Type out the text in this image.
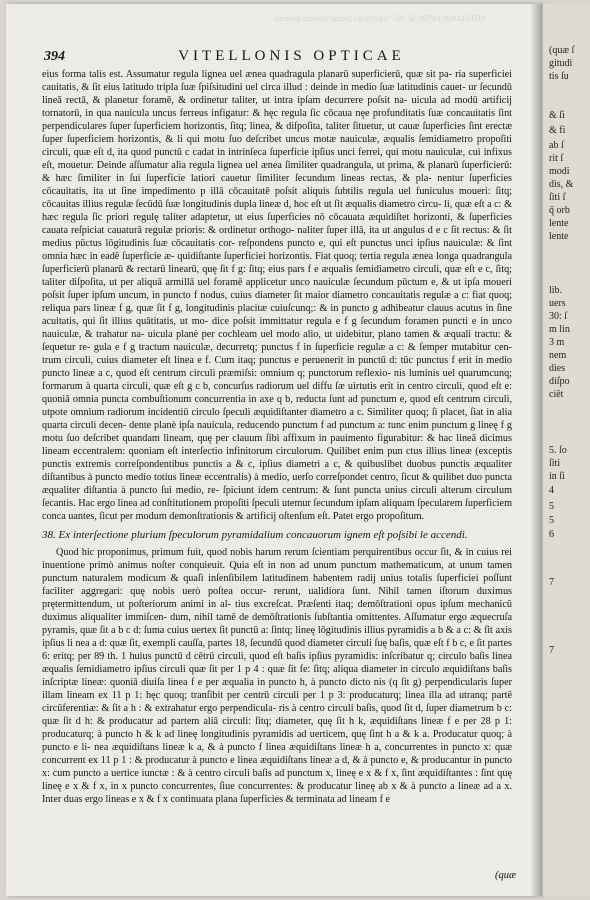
VITELLONIS OPTICAE 395 · ſuperficies ſpeculi concaui ſphærici ·
394	VITELLONIS OPTICAE

eius forma talis est. Assumatur regula lignea uel ænea quadragula planarū superficierū, quæ sit pa- ria superficiei cauitatis, & ſit eius latitudo tripla ſuæ ſpiſsitudini uel circa illud : deinde in medio ſuæ latitudinis cauet- ur ſecundū lineā rectā, & planetur foramē, & ordinetur taliter, ut intra ipſam decurrere poſsit na- uicula ad modū artificij tornatorū, in qua nauicula uncus ferreus infigatur: & hęc regula ſic cōcaua nęe profunditatis ſuæ concauitatis ſint perpendiculares ſuper ſuperficiem horizontis, ſitq; linea, & diſpoſita, taliter ſituetur, ut cauæ ſuperficies ſint erectæ ſuper ſuperficiem horizontis, & li qui motu ſuo deſcribet uncus motæ nauiculæ, æqualis ſemidiametro propoſiti circuli, quæ eſt d, ita quod punctū c cadat in intrinſeca ſuperficie ipſius unci ferrei, qui motu nauiculæ, cui infixus eſt, mouetur. Deinde aſſumatur alia regula lignea uel ænea ſimiliter quadrangula, ut prima, & planarū ſuperficierū: & hæc ſimiliter in ſui ſuperficie latiori cauetur ſimiliter ſecundum lineas rectas, & pla- nentur ſuperficies cōcauitatis, ita ut ſine impedimento p illā cōcauitatē poſsit aliquis ſubtilis regula uel funiculus moueri: ſitq; cōcauitas illius regulæ ſecūdū ſuæ longitudinis dupla lineæ d, hoc eſt ut ſit æqualis diametro circu- li, quæ eſt a c: & hæc regula ſic priori regulę taliter adaptetur, ut eius ſuperficies nō cōcauata æquidiſtet horizonti, & ſuperficies cauata reſpiciat cauaturā regulæ prioris: & ordinetur orthogo- naliter ſuper illā, ita ut angulus d e c ſit rectus: & ſit medius pūctus lōgitudinis ſuæ cōcauitatis cor- reſpondens puncto e, qui eſt punctus unci ipſius nauiculæ: & ſint omnia hæc in eadē ſuperficie æ- quidiſtante ſuperficiei horizontis. Fiat quoq; tertia regula ænea longa quadrangula ſuperficierū planarū & rectarū linearū, quę ſit f g: ſitq; eius pars f e æqualis ſemidiametro circuli, quæ eſt e c, ſitq; taliter diſpoſita, ut per aliquā armillā uel foramē applicetur unco nauiculæ ſecundum pūctum e, & ut ipſa moueri poſsit ſuper ipſum uncum, in puncto f nodus, cuius diameter ſit maior diametro concauitatis regulæ a c: fiat quoq; reliqua pars lineæ f g, quæ ſit f g, longitudinis placitæ cuiuſcunq;: & in puncto g adhibeatur clauus acutus in ſine acuitatis, qui ſit illius quātitatis, ut mo- dice poſsit immittatur regula e f g ſecundum foramen puncti e in unco nauiculæ, & trahatur na- uicula planè per cochleam uel modo alio, ut uidebitur, plano tamen & æquali tractu: & ſequetur re- gula e f g tractum nauiculæ, decurretq; punctus f in ſuperficie regulæ a c: & ſemper mutabitur cen- trum circuli, cuius diameter eſt linea e f. Cum itaq; punctus e peruenerit in punctū d: tūc punctus f erit in medio puncto lineæ a c, quod eſt centrum circuli præmiſsi: omnium q; punctorum reflexio- nis luminis uel quarumcunq; formarum à quarta circuli, quæ eſt g c b, concurſus radiorum uel diffu ſæ uirtutis erit in centro circuli, quod eſt e: quoniā omnia puncta combuſtionum concurrentia in axe q b, reducta ſunt ad punctum e, quod eſt centrum circuli, utpote omnium radiorum incidentiū circulo ſpeculi æquidiſtanter diametro a c. Similiter quoq; ſi placet, ſiat in alia quarta circuli decen- dente planè ipſa nauicula, reducendo punctum f ad punctum a: tunc enim punctum g lineę f g motu ſuo deſcribet quandam lineam, quę per clauum ſibi affixum in pauimento figurabitur: & hac lineā dicimus lineam eccentralem: quoniam eſt interſectio infinitorum circulorum. Quilibet enim pun ctus illius lineæ (exceptis punctis extremis correſpondentibus punctis a & c, ipſius diametri a c, & quibuslibet duobus punctis æqualiter diſtantibus à puncto medio totius lineæ eccentralis) à medio, uerſo correſpondet centro, ſicut & quilibet duo puncta æqualiter diſtantia à puncto ſui medio, re- ſpiciunt idem centrum: & ſunt puncta unius circuli alterum circulum ſecantis. Hac ergo linea ad conſtitutionem propoſiti ſpeculi utemur ſecundum ipſam aliquam ſpecularem ſuperficiem conca uantes, ſicut per modum demonſtrationis & artificij oſtenſum eſt. Patet ergo propoſitum.

38. Ex interſectione plurium ſpeculorum pyramidalium concauorum ignem eſt poſsibi le accendi.

Quod hic proponimus, primum fuit, quod nobis harum rerum ſcientiam perquirentibus occur ſit, & in cuius rei inuentione primò animus noſter conquieuit. Quia eſt in non ad unum punctum mathematicum, at unum tamen punctum naturalem modicum & quaſi inſenſibilem latitudinem habentem radij unius totalis ſuperficiei poſſunt faciliter aggregari: quę nobis uerò poſtea occur- rerunt, ualidiora ſunt. Nihil tamen iſtorum duximus prętermittendum, ut poſteriorum animi in al- tius excreſcat. Præſenti itaq; demōſtrationi opus ipſum mechanicū duximus aliqualiter immiſcen- dum, nihil tamē de demōſtrationis ſubſtantia omittentes. Aſſumatur ergo æquecruſa pyramis, quæ ſit a b c d: ſuma cuius uertex ſit punctū a: ſintq; lineę lōgitudinis illius pyramidis a b & a c: & ſit axis ipſius li nea a d: quæ ſit, exempli cauſſa, partes 18, ſecundū quod diameter circuli ſuę baſis, quæ eſt f b c, e ſit partes 6: eritq; per 89 th. 1 huius punctū d cētrū circuli, quod eſt baſis ipſius pyramidis: inſcribatur q; circulo baſis linea æqualis ſemidiametro ipſius circuli quæ ſit per 1 p 4 : quæ ſit fe: ſitq; aliqua diameter in circulo æquidiſtans baſis inſcriptæ lineæ: quoniā diuiſa linea f e per æqualia in puncto h, à puncto dicto nis (q ſit g) perpendicularis ſuper illam lineam ex 11 p 1: hęc quoq; tranſibit per centrū circuli per 1 p 3: producaturq; linea illa ad utranq; partē circūferentiæ: & ſit a h : & extrahatur ergo perpendicula- ris à centro circuli baſis, quod ſit d, ſuper diametrum b c: quæ ſit d h: & producatur ad partem aliā circuli: ſitq; diameter, quę ſit h k, æquidiſtans lineæ f e per 28 p 1: producaturq; à puncto h & k ad lineę longitudinis pyramidis ad uerticem, quę ſint h a & k a. Producatur quoq; à puncto e li- nea æquidiſtans lineæ k a, & à puncto f linea æquidiſtans lineæ h a, concurrentes in puncto x: quæ concurrent ex 11 p 1 : & producatur à puncto e linea æquidiſtans lineæ a d, & à puncto e, & producantur in puncto x: cum puncto a uertice iunctæ : & à centro circuli baſis ad punctum x, lineę e x & f x, ſint æquidiſtantes : ſint quę lineę e x & f x, in x puncto concurrentes, ſiue concurrentes: & producatur lineę ab x & à puncto a lineæ ad a x. Inter duas ergo lineas e x & f x continuata plana ſuperficies & terminata ad lineam f e

(quæ
(quæ ſ
gitudi
tis ſu
& ſi
& fi
ab ſ
rit ſ
modi
dis, &
ſiti ſ
q̄ orb
lente
lente
lib.
uers
30: ſ
m lin
3 m
nem
dies
diſpo
ciēt
5. ſo
ſiti
in ſi
4
5
5
6
7
7
